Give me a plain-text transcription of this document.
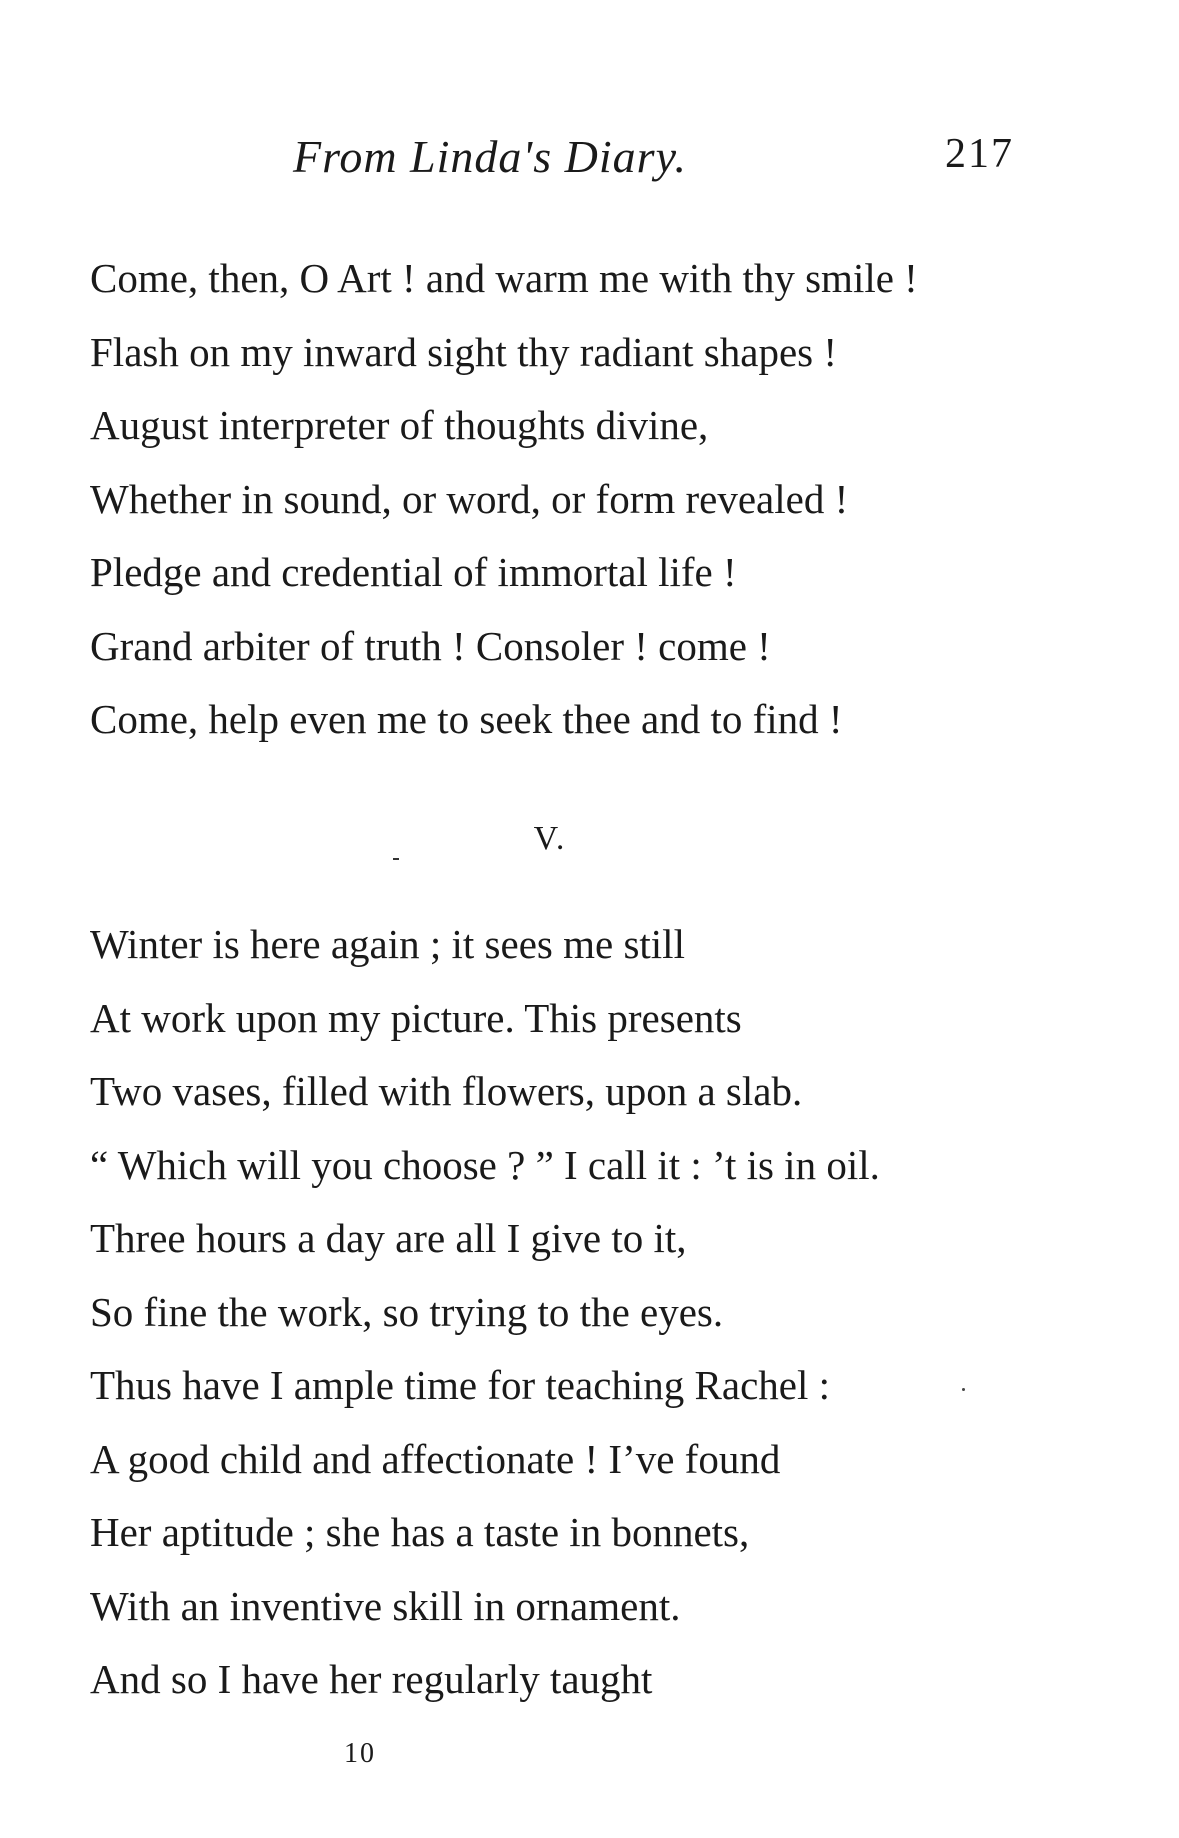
From Linda's Diary.	217
Come, then, O Art ! and warm me with thy smile !
Flash on my inward sight thy radiant shapes !
August interpreter of thoughts divine,
Whether in sound, or word, or form revealed !
Pledge and credential of immortal life !
Grand arbiter of truth ! Consoler ! come !
Come, help even me to seek thee and to find !
V.
Winter is here again ; it sees me still
At work upon my picture. This presents
Two vases, filled with flowers, upon a slab.
“ Which will you choose ? ” I call it : ’t is in oil.
Three hours a day are all I give to it,
So fine the work, so trying to the eyes.
Thus have I ample time for teaching Rachel :
A good child and affectionate ! I’ve found
Her aptitude ; she has a taste in bonnets,
With an inventive skill in ornament.
And so I have her regularly taught
10
